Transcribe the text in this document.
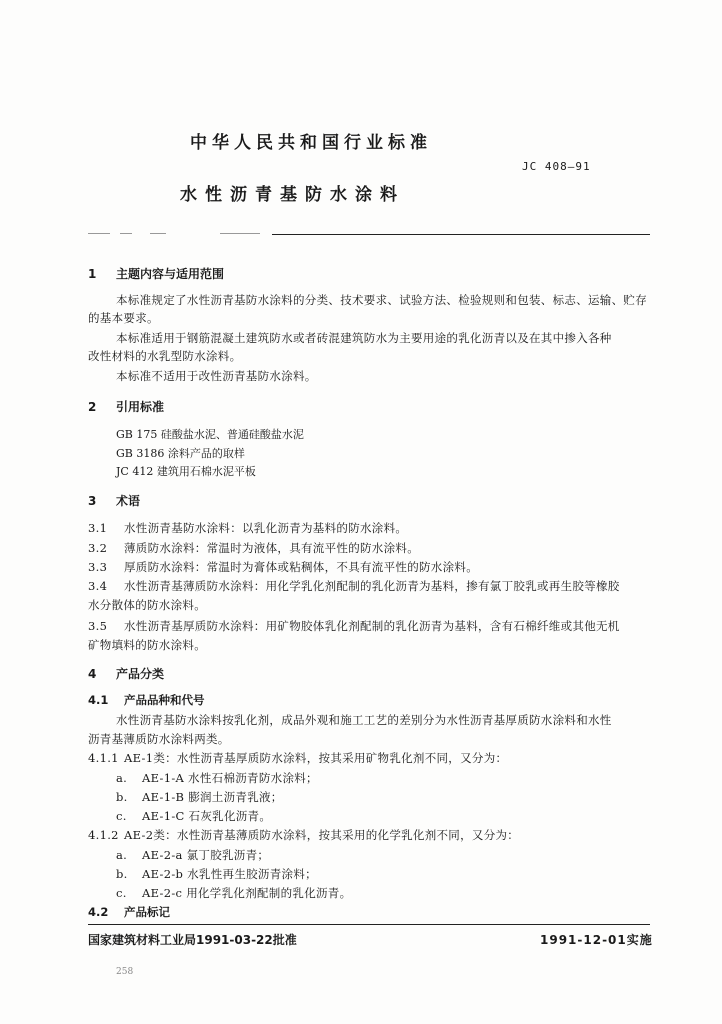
中华人民共和国行业标准
JC 408—91
水性沥青基防水涂料
1 主题内容与适用范围
本标准规定了水性沥青基防水涂料的分类、技术要求、试验方法、检验规则和包装、标志、运输、贮存
的基本要求。
本标准适用于钢筋混凝土建筑防水或者砖混建筑防水为主要用途的乳化沥青以及在其中掺入各种
改性材料的水乳型防水涂料。
本标准不适用于改性沥青基防水涂料。
2 引用标准
GB 175 硅酸盐水泥、普通硅酸盐水泥
GB 3186 涂料产品的取样
JC 412 建筑用石棉水泥平板
3 术语
3.1 水性沥青基防水涂料：以乳化沥青为基料的防水涂料。
3.2 薄质防水涂料：常温时为液体，具有流平性的防水涂料。
3.3 厚质防水涂料：常温时为膏体或粘稠体，不具有流平性的防水涂料。
3.4 水性沥青基薄质防水涂料：用化学乳化剂配制的乳化沥青为基料，掺有氯丁胶乳或再生胶等橡胶
水分散体的防水涂料。
3.5 水性沥青基厚质防水涂料：用矿物胶体乳化剂配制的乳化沥青为基料，含有石棉纤维或其他无机
矿物填料的防水涂料。
4 产品分类
4.1 产品品种和代号
水性沥青基防水涂料按乳化剂，成品外观和施工工艺的差别分为水性沥青基厚质防水涂料和水性
沥青基薄质防水涂料两类。
4.1.1 AE-1类：水性沥青基厚质防水涂料，按其采用矿物乳化剂不同，又分为：
a. AE-1-A 水性石棉沥青防水涂料；
b. AE-1-B 膨润土沥青乳液；
c. AE-1-C 石灰乳化沥青。
4.1.2 AE-2类：水性沥青基薄质防水涂料，按其采用的化学乳化剂不同，又分为：
a. AE-2-a 氯丁胶乳沥青；
b. AE-2-b 水乳性再生胶沥青涂料；
c. AE-2-c 用化学乳化剂配制的乳化沥青。
4.2 产品标记
国家建筑材料工业局1991-03-22批准	1991-12-01实施
258
